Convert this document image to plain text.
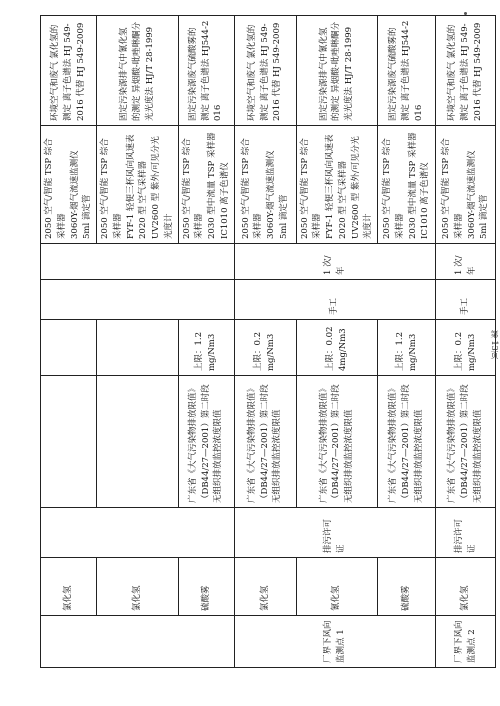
	氯化氢						2050 空气/智能 TSP 综合采样器 3060Y-烟气流速监测仪 5ml 滴定管	环境空气和废气 氯化氢的测定 离子色谱法 HJ 549-2016 代替 HJ 549-2009
	氯化氢						2050 空气/智能 TSP 综合采样器 FYF-1 轻便三杯风向风速表 2020 型 空气采样器 UV2600 型 紫外/可见分光光度计	固定污染源排气中氰化氢的测定 异烟酸-吡唑啉酮分光光度法 HJ/T 28-1999
	硫酸雾		广东省《大气污染物排放限值》（DB44/27—2001）第二时段无组织排放监控浓度限值	上限：1.2mg/Nm3			2050 空气/智能 TSP 综合采样器 2030 型中流量 TSP 采样器 IC1010 离子色谱仪	固定污染源废气硫酸雾的测定 离子色谱法 HJ544-2016
厂界下风向监测点 1	氯化氢	排污许可证	广东省《大气污染物排放限值》（DB44/27—2001）第二时段无组织排放监控浓度限值	上限：0.2mg/Nm3	手工	1 次/年	2050 空气/智能 TSP 综合采样器 3060Y-烟气流速监测仪 5ml 滴定管	环境空气和废气 氯化氢的测定 离子色谱法 HJ 549-2016 代替 HJ 549-2009
	氰化氢		广东省《大气污染物排放限值》（DB44/27—2001）第二时段无组织排放监控浓度限值	上限：0.024mg/Nm3			2050 空气/智能 TSP 综合采样器 FYF-1 轻便三杯风向风速表 2020 型 空气采样器 UV2600 型 紫外/可见分光光度计	固定污染源排气中氰化氢的测定 异烟酸-吡唑啉酮分光光度法 HJ/T 28-1999
	硫酸雾		广东省《大气污染物排放限值》（DB44/27—2001）第二时段无组织排放监控浓度限值	上限：1.2mg/Nm3			2050 空气/智能 TSP 综合采样器 2030 型中流量 TSP 采样器 IC1010 离子色谱仪	固定污染源废气硫酸雾的测定 离子色谱法 HJ544-2016
厂界下风向监测点 2	氯化氢	排污许可证	广东省《大气污染物排放限值》（DB44/27—2001）第二时段无组织排放监控浓度限值	上限：0.2mg/Nm3	手工	1 次/年	2050 空气/智能 TSP 综合采样器 3060Y-烟气流速监测仪 5ml 滴定管	环境空气和废气 氯化氢的测定 离子色谱法 HJ 549-2016 代替 HJ 549-2009
第 13页
